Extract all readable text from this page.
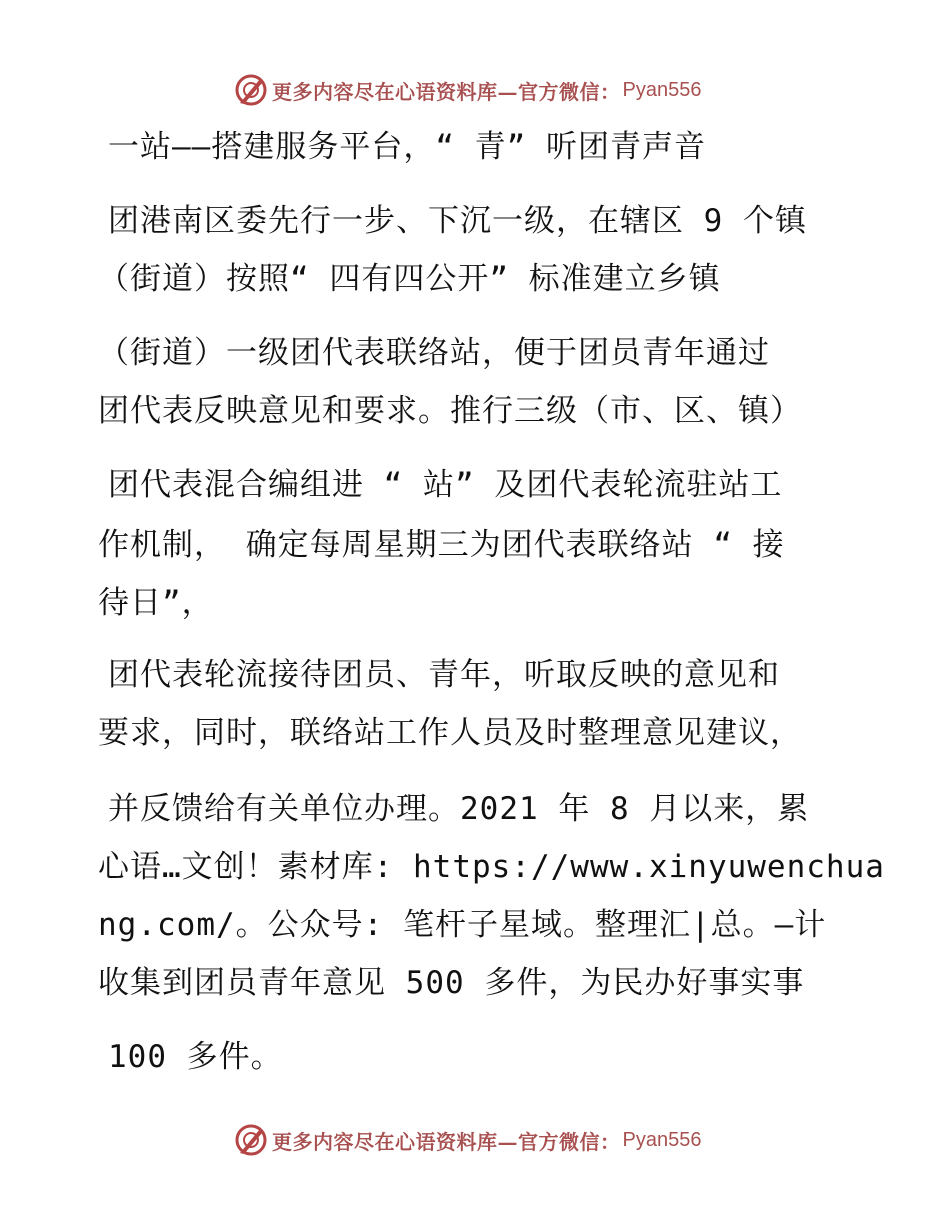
更多内容尽在心语资料库—官方微信： Pyan556
一站——搭建服务平台，“ 青” 听团青声音
团港南区委先行一步、下沉一级，在辖区 9 个镇
（街道）按照“ 四有四公开” 标准建立乡镇
（街道）一级团代表联络站，便于团员青年通过
团代表反映意见和要求。推行三级（市、区、镇）
团代表混合编组进 “ 站” 及团代表轮流驻站工
作机制， 确定每周星期三为团代表联络站 “ 接
待日”，
团代表轮流接待团员、青年，听取反映的意见和
要求，同时，联络站工作人员及时整理意见建议，
并反馈给有关单位办理。2021 年 8 月以来，累
心语…文创！素材库: https://www.xinyuwenchua
ng.com/。公众号: 笔杆子星域。整理汇|总。—计
收集到团员青年意见 500 多件，为民办好事实事
100 多件。
更多内容尽在心语资料库—官方微信： Pyan556
